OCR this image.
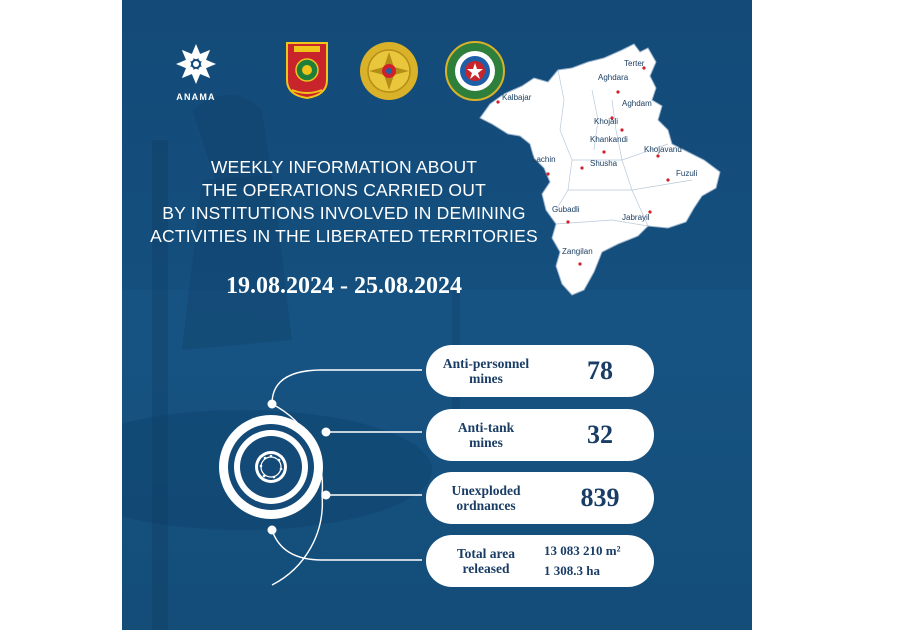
ANAMA
WEEKLY INFORMATION ABOUT
THE OPERATIONS CARRIED OUT
BY INSTITUTIONS INVOLVED IN DEMINING
ACTIVITIES IN THE LIBERATED TERRITORIES
19.08.2024 - 25.08.2024
Terter
Aghdara
Kalbajar
Aghdam
Khojali
Khankandi
Khojavand
Lachin	Shusha
Fuzuli
Gubadli
Jabrayil
Zangilan
Anti-personnel
mines	78
Anti-tank
mines	32
Unexploded
ordnances	839
Total area
released
13 083 210 m²
1 308.3 ha
